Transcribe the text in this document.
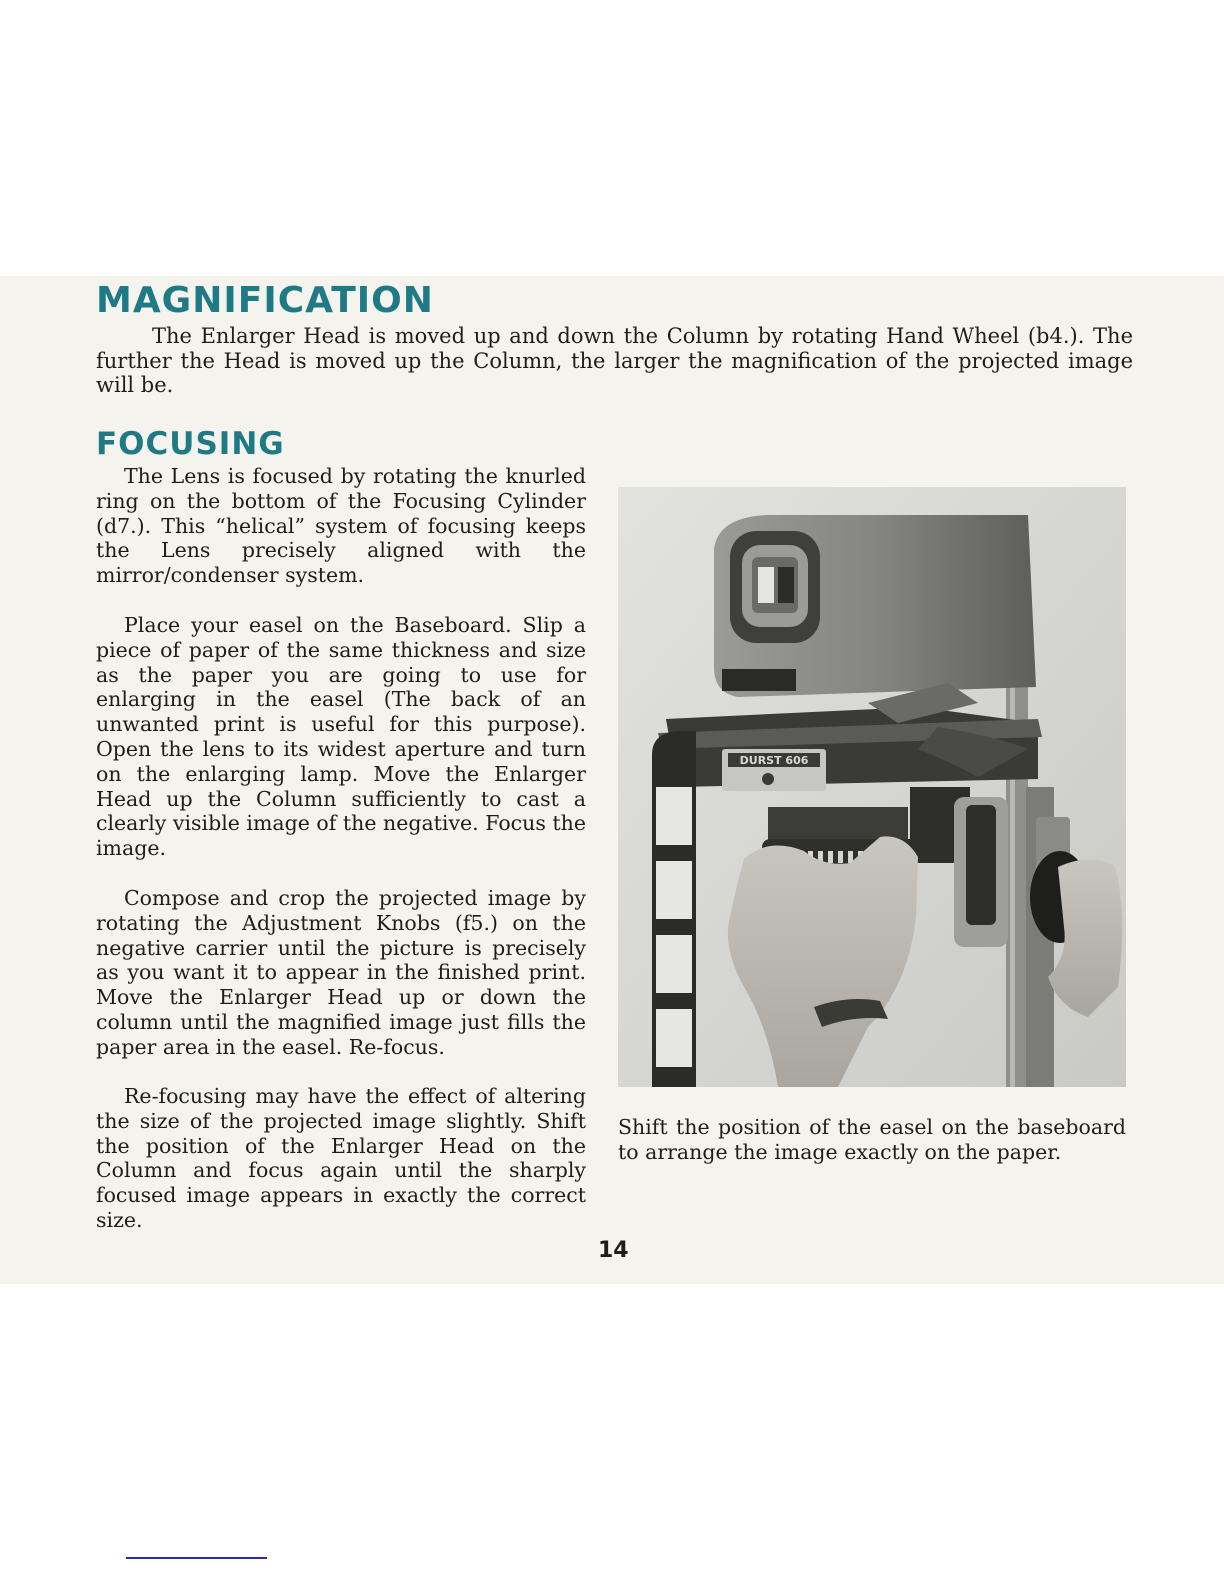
MAGNIFICATION

The Enlarger Head is moved up and down the Column by rotating Hand Wheel (b4.). The further the Head is moved up the Column, the larger the magnification of the projected image will be.

FOCUSING

The Lens is focused by rotating the knurled ring on the bottom of the Focusing Cylinder (d7.). This “helical” system of focusing keeps the Lens precisely aligned with the mirror/condenser system.

Place your easel on the Baseboard. Slip a piece of paper of the same thickness and size as the paper you are going to use for enlarging in the easel (The back of an unwanted print is useful for this purpose). Open the lens to its widest aperture and turn on the enlarging lamp. Move the Enlarger Head up the Column sufficiently to cast a clearly visible image of the negative. Focus the image.

Compose and crop the projected image by rotating the Adjustment Knobs (f5.) on the negative carrier until the picture is precisely as you want it to appear in the finished print. Move the Enlarger Head up or down the column until the magnified image just fills the paper area in the easel. Re-focus.

Re-focusing may have the effect of altering the size of the projected image slightly. Shift the position of the Enlarger Head on the Column and focus again until the sharply focused image appears in exactly the correct size.

DURST 606

Shift the position of the easel on the baseboard to arrange the image exactly on the paper.

14
